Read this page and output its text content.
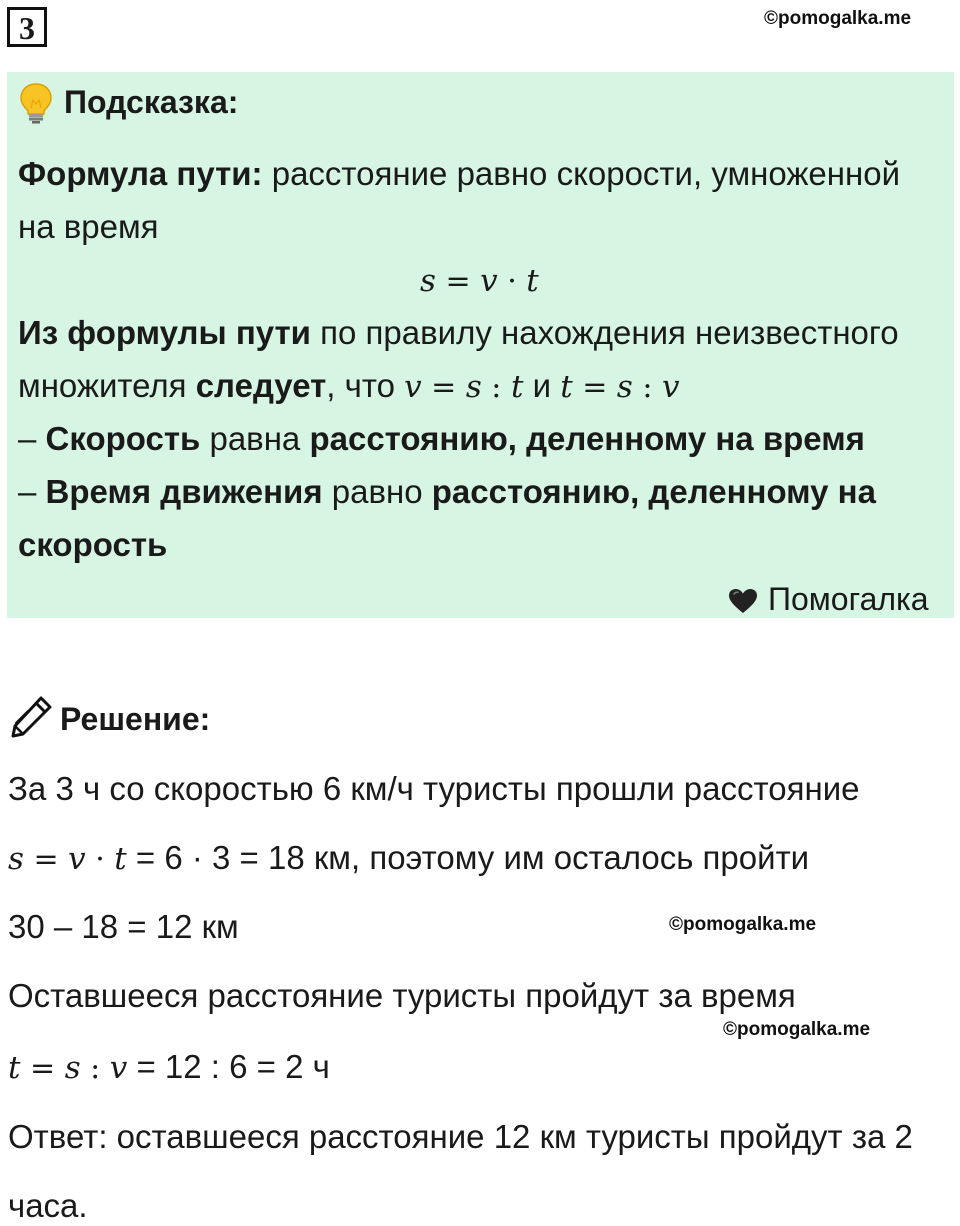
3	©pomogalka.me
Подсказка:
Формула пути: расстояние равно скорости, умноженной
на время
s = v · t
Из формулы пути по правилу нахождения неизвестного
множителя следует, что v = s : t и t = s : v
– Скорость равна расстоянию, деленному на время
– Время движения равно расстоянию, деленному на
скорость
Помогалка
Решение:
За 3 ч со скоростью 6 км/ч туристы прошли расстояние
s = v · t = 6 · 3 = 18 км, поэтому им осталось пройти
30 – 18 = 12 км	©pomogalka.me
Оставшееся расстояние туристы пройдут за время
©pomogalka.me
t = s : v = 12 : 6 = 2 ч
Ответ: оставшееся расстояние 12 км туристы пройдут за 2
часа.
